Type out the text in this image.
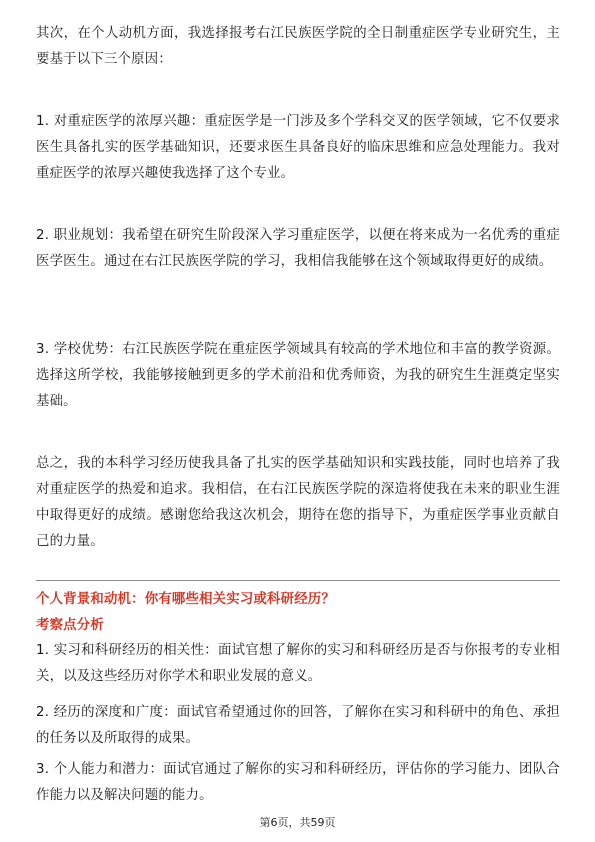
其次，在个人动机方面，我选择报考右江民族医学院的全日制重症医学专业研究生，主要基于以下三个原因：

1. 对重症医学的浓厚兴趣：重症医学是一门涉及多个学科交叉的医学领域，它不仅要求医生具备扎实的医学基础知识，还要求医生具备良好的临床思维和应急处理能力。我对重症医学的浓厚兴趣使我选择了这个专业。

2. 职业规划：我希望在研究生阶段深入学习重症医学，以便在将来成为一名优秀的重症医学医生。通过在右江民族医学院的学习，我相信我能够在这个领域取得更好的成绩。

3. 学校优势：右江民族医学院在重症医学领域具有较高的学术地位和丰富的教学资源。选择这所学校，我能够接触到更多的学术前沿和优秀师资，为我的研究生生涯奠定坚实基础。

总之，我的本科学习经历使我具备了扎实的医学基础知识和实践技能，同时也培养了我对重症医学的热爱和追求。我相信，在右江民族医学院的深造将使我在未来的职业生涯中取得更好的成绩。感谢您给我这次机会，期待在您的指导下，为重症医学事业贡献自己的力量。

个人背景和动机：你有哪些相关实习或科研经历？

考察点分析

1. 实习和科研经历的相关性：面试官想了解你的实习和科研经历是否与你报考的专业相关，以及这些经历对你学术和职业发展的意义。

2. 经历的深度和广度：面试官希望通过你的回答，了解你在实习和科研中的角色、承担的任务以及所取得的成果。

3. 个人能力和潜力：面试官通过了解你的实习和科研经历，评估你的学习能力、团队合作能力以及解决问题的能力。

第6页，共59页
